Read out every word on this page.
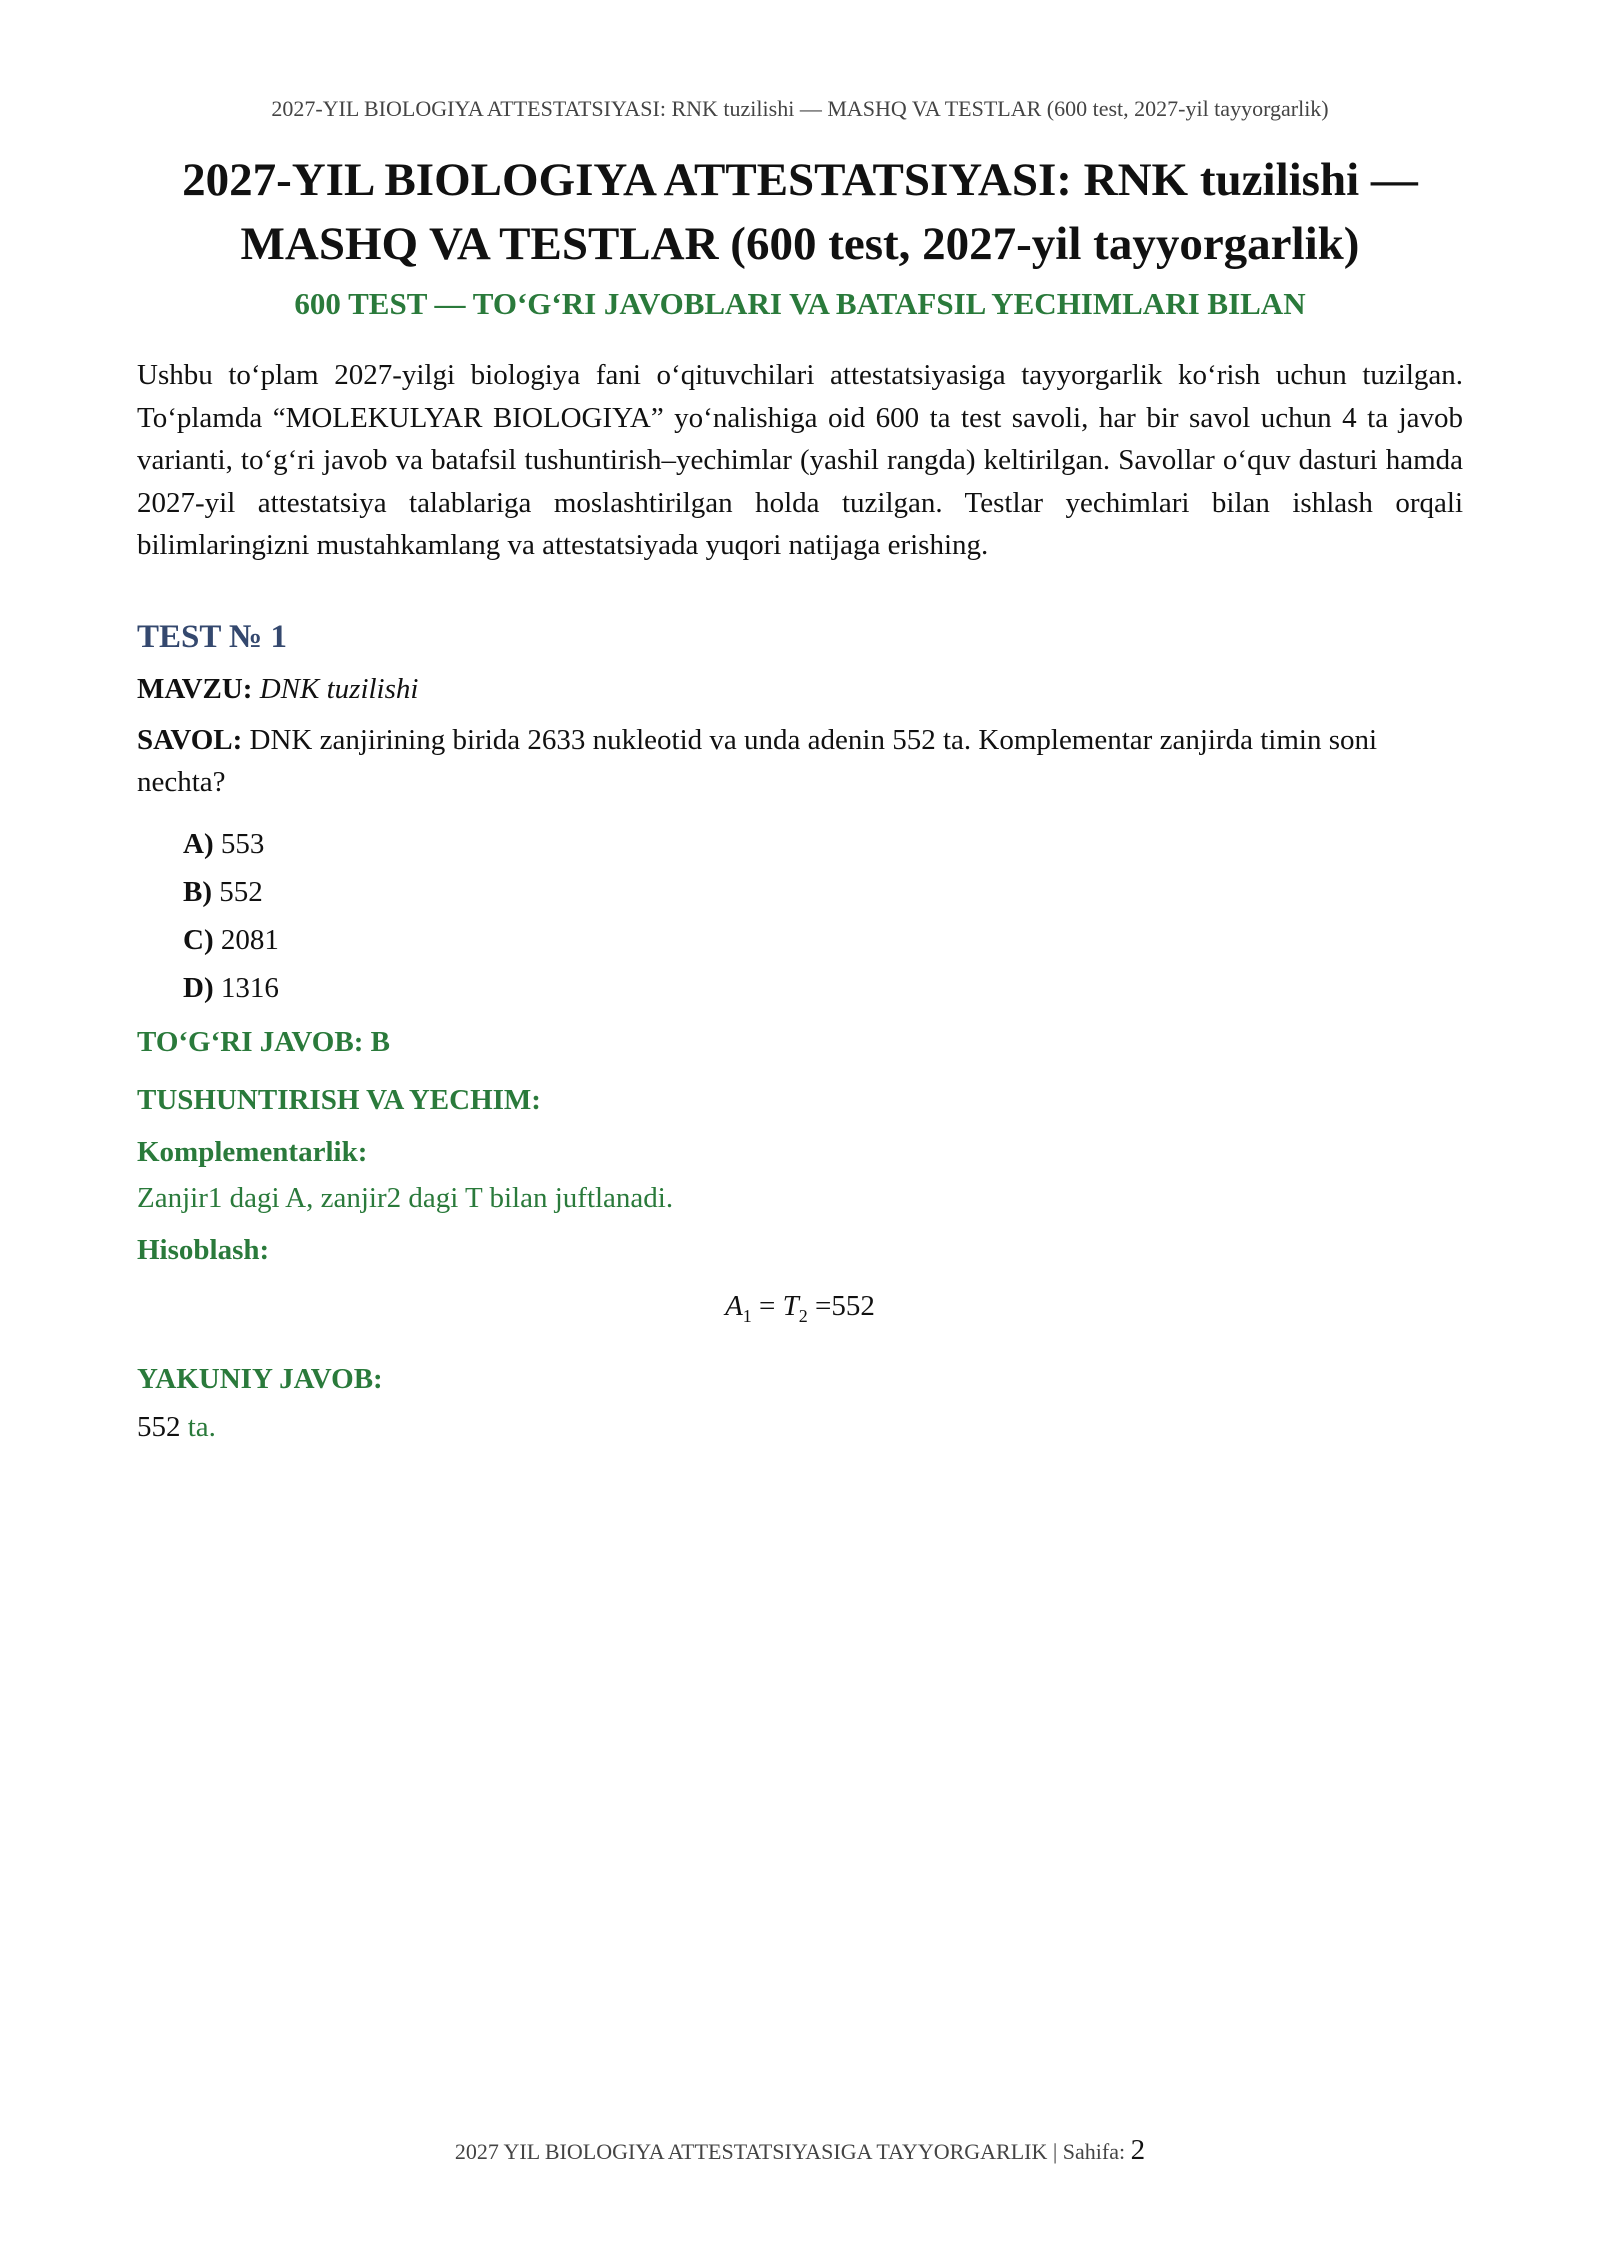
2027-YIL BIOLOGIYA ATTESTATSIYASI: RNK tuzilishi — MASHQ VA TESTLAR (600 test, 2027-yil tayyorgarlik)
2027-YIL BIOLOGIYA ATTESTATSIYASI: RNK tuzilishi —
MASHQ VA TESTLAR (600 test, 2027-yil tayyorgarlik)
600 TEST — TO‘G‘RI JAVOBLARI VA BATAFSIL YECHIMLARI BILAN

Ushbu to‘plam 2027-yilgi biologiya fani o‘qituvchilari attestatsiyasiga tayyorgarlik ko‘rish uchun tuzilgan. To‘plamda “MOLEKULYAR BIOLOGIYA” yo‘nalishiga oid 600 ta test savoli, har bir savol uchun 4 ta javob varianti, to‘g‘ri javob va batafsil tushuntirish–yechimlar (yashil rangda) keltirilgan. Savollar o‘quv dasturi hamda 2027-yil attestatsiya talablariga moslashtirilgan holda tuzilgan. Testlar yechimlari bilan ishlash orqali bilimlaringizni mustahkamlang va attestatsiyada yuqori natijaga erishing.

TEST № 1
MAVZU: DNK tuzilishi
SAVOL: DNK zanjirining birida 2633 nukleotid va unda adenin 552 ta. Komplementar zanjirda timin soni nechta?
A) 553
B) 552
C) 2081
D) 1316
TO‘G‘RI JAVOB: B
TUSHUNTIRISH VA YECHIM:
Komplementarlik:
Zanjir1 dagi A, zanjir2 dagi T bilan juftlanadi.
Hisoblash:
$A_1 = T_2 =552$
YAKUNIY JAVOB:
552 ta.
2027 YIL BIOLOGIYA ATTESTATSIYASIGA TAYYORGARLIK | Sahifa: 2
